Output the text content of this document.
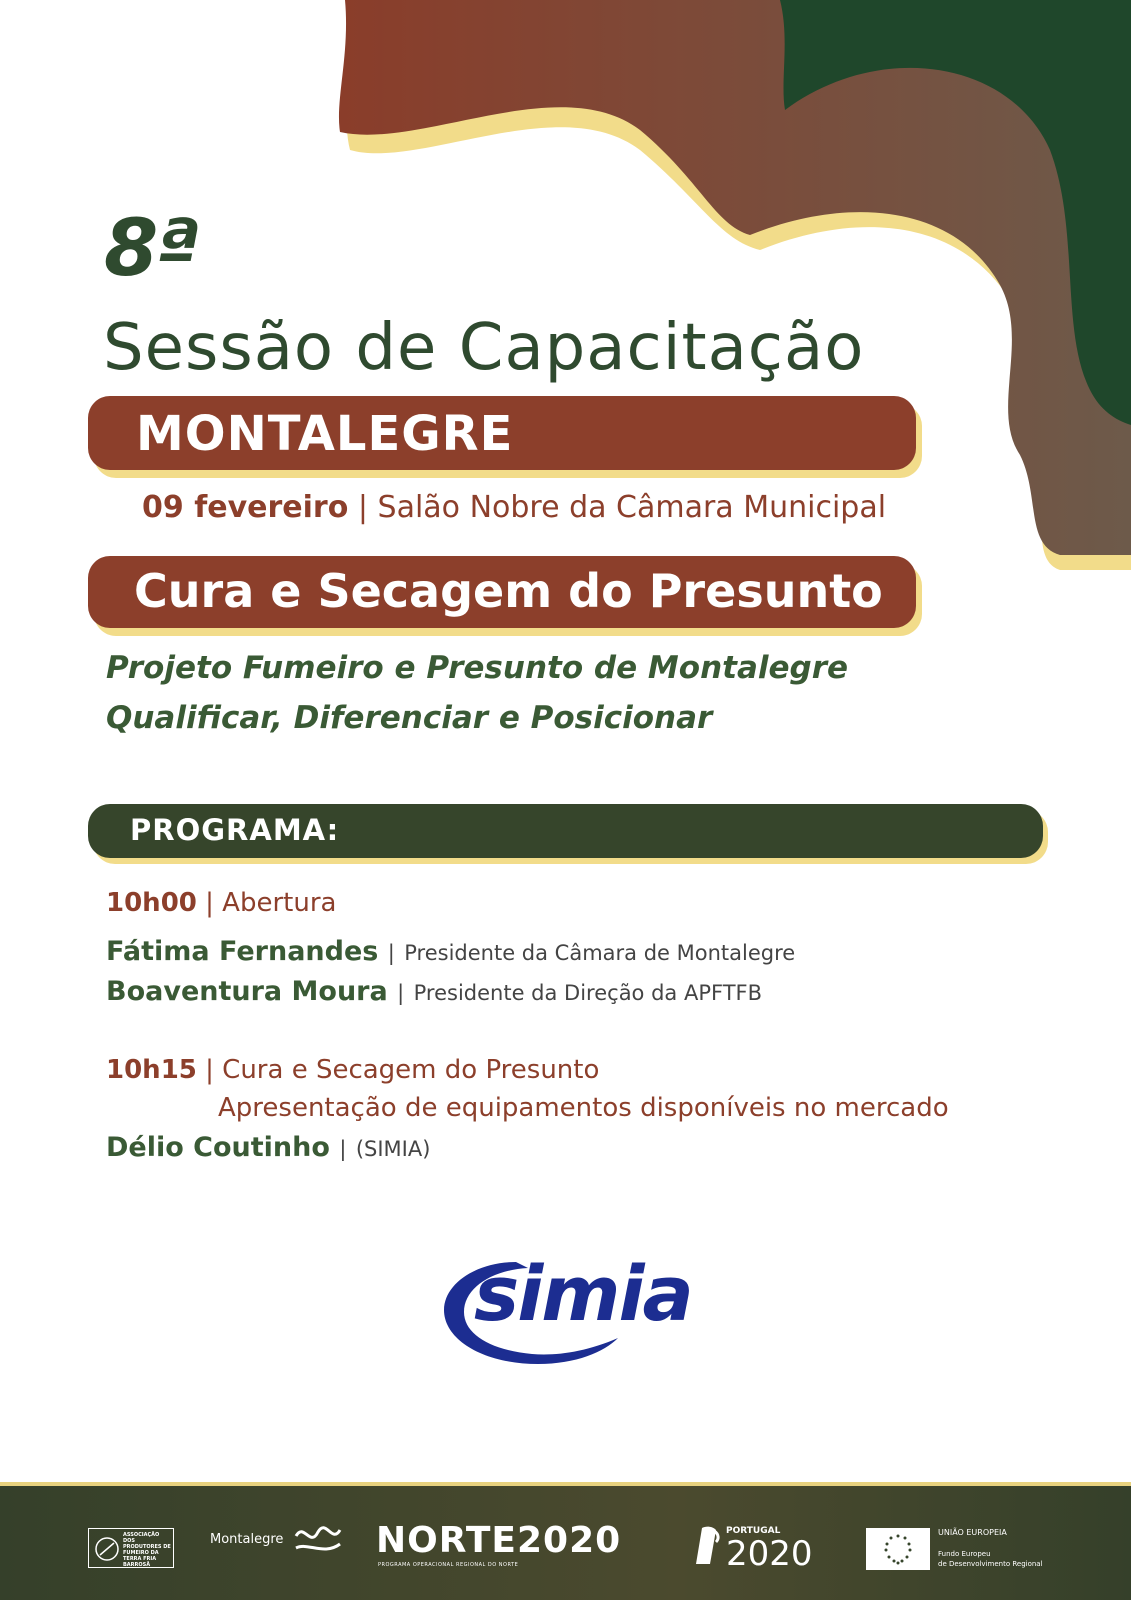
8ª
Sessão de Capacitação
MONTALEGRE
09 fevereiro | Salão Nobre da Câmara Municipal
Cura e Secagem do Presunto
Projeto Fumeiro e Presunto de Montalegre
Qualificar, Diferenciar e Posicionar
PROGRAMA:
10h00 | Abertura
Fátima Fernandes | Presidente da Câmara de Montalegre
Boaventura Moura | Presidente da Direção da APFTFB
10h15 | Cura e Secagem do Presunto
Apresentação de equipamentos disponíveis no mercado
Délio Coutinho | (SIMIA)
simia
ASSOCIAÇÃO DOS PRODUTORES DE FUMEIRO DA TERRA FRIA BARROSÃ
Montalegre	NORTE2020
PROGRAMA OPERACIONAL REGIONAL DO NORTE
PORTUGAL
2020
UNIÃO EUROPEIA
Fundo Europeu
de Desenvolvimento Regional
